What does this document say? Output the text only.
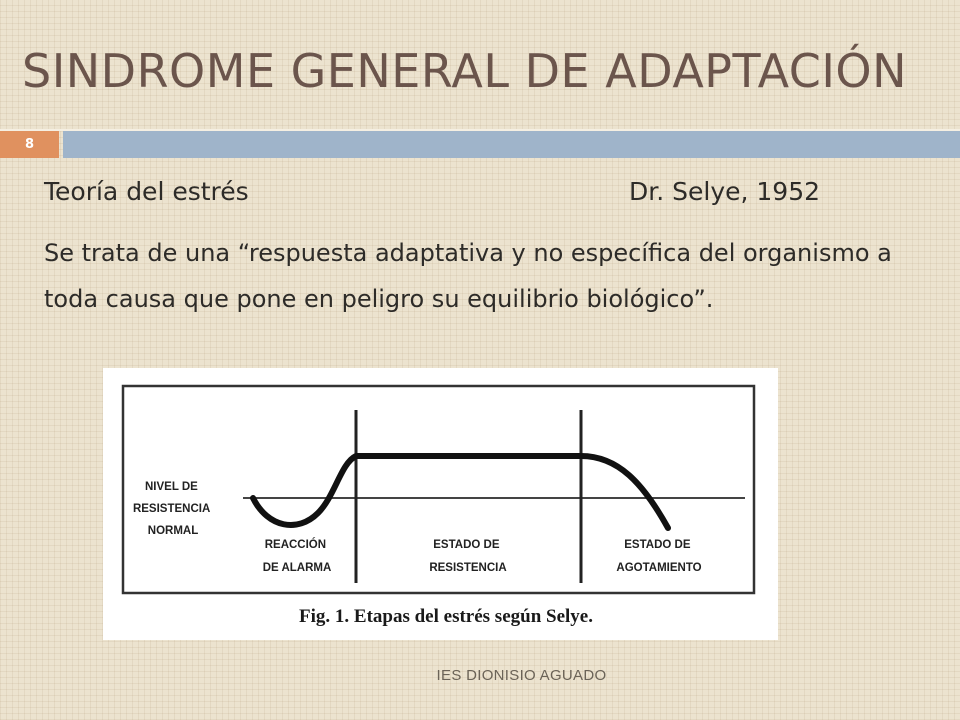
SINDROME GENERAL DE ADAPTACIÓN
8
Teoría del estrés	Dr. Selye, 1952
Se trata de una “respuesta adaptativa y no específica del organismo a toda causa que pone en peligro su equilibrio biológico”.
NIVEL DE RESISTENCIA NORMAL
REACCIÓN DE ALARMA
ESTADO DE RESISTENCIA
ESTADO DE AGOTAMIENTO
Fig. 1. Etapas del estrés según Selye.
IES DIONISIO AGUADO
